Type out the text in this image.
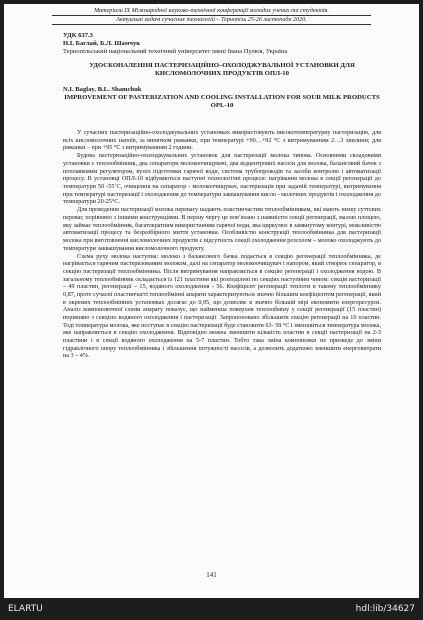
Матеріали ІХ Міжнародної науково-технічної конференції молодих учених та студентів.
Актуальні задачі сучасних технологій – Тернопіль 25-26 листопада 2020.
УДК 637.3
Н.І. Баглай, Б.Л. Шамчук
Тернопільський національний технічний університет імені Івана Пулюя, Україна
УДОСКОНАЛЕННЯ ПАСТЕРИЗАЦІЙНО–ОХОЛОДЖУВАЛЬНОЇ УСТАНОВКИ ДЛЯ КИСЛОМОЛОЧНИХ ПРОДУКТІВ ОПЛ-10
N.I. Baglay, B.L. Shamchuk
IMPROVEMENT OF PASTERIZATION AND COOLING INSTALLATION FOR SOUR MILK PRODUCTS OPL-10

У сучасних пастеризаційно-охолоджувальних установках використовують високотемпературну пастеризацію, для всіх кисломолочних напоїв, за винятком ряжанки, при температурі +90…+92 °С з витримуванням 2…3 хвилини; для ряжанки – при +95 °С з витримуванням 2 години.

Будова пастеризаційно-охолоджувальних установок для пастеризації молока типова. Основними складовими установки є теплообмінник, два сепаратори молокоочищувачі, два відцентрових насоси для молока, балансовий бачок з поплавковим регулятором, вузол підготовки гарячої води, система трубопроводів та засоби контролю і автоматизації процесу. В установці ОПЛ-10 відбуваються наступні технологічні процеси: нагрівання молока в секції регенерації до температури 50 -55˚С, очищення на сепаратор - молокоочищувач, пастеризація при заданій температурі, витримування при температурі пастеризації і охолодження до температури заквашування кисло - молочних продуктів і охолодження до температури 20-25°С.

Для проведення пастеризації молока перевагу надають пластинчастим теплообмінникам, які мають низку суттєвих переваг, порівняно з іншими конструкціями. В першу чергу це пов’язано з наявністю секції регенерації, малою площею, яку займає теплообмінник, багатократним використанням гарячої води, яка циркулює в замкнутому контурі, можливістю автоматизації процесу та безрозбірного миття установки. Особливістю конструкції теплообмінника для пастеризації молока при виготовленні кисломолочних продуктів є відсутність секції охолодження розсолом – молоко охолоджують до температури заквашування кисломолочного продукту.

Схема руху молока наступна: молоко з балансового бачка подається в секцію регенерації теплообмінника, де нагрівається гарячим пастеризованим молоком, далі на сепаратор молокоочищувач і напором, який створює сепаратор, в секцію пастеризації теплообмінника. Після витримування направляється в секцію регенерації і охолодження водою. В загальному теплообмінник складається із 121 пластини які розподілені по секціях наступним чином: секція пастеризації – 49 пластин, регенерації – 15, водяного охолодження - 56. Коефіцієнт регенерації теплоти в такому теплообміннику 0,87, проте сучасні пластинчасті теплообмінні апарати характеризуються значно більшим коефіцієнтом регенерації, який в окремих теплообмінних установках досягає до 0,95, що дозволяє в значно більшій мірі економити енергоресурси. Аналіз компоновочної схеми апарату показує, що найменша поверхня теплообміну у секції регенерації (15 пластин) порівняно з секцією водяного охолодження і пастеризації. Запропоновано збільшити секцію регенерації на 10 пластин. Тоді температура молока, яке поступає в секцію пастеризації буде становити 63- 58 °С і зменшиться температура молока, яке направляється в секцію охолодження. Відповідно можна зменшити кількість пластин в секції пастеризації на 2-3 пластини і в секції водяного охолодження на 5-7 пластин. Тобто така зміна компоновки не призведе до зміни гідравлічного опору теплообмінника і збільшення потужності насосів, а дозволить додатково зменшити енерговитрати на 3 – 4%.

141
ELARTU	hdl:lib/34627
